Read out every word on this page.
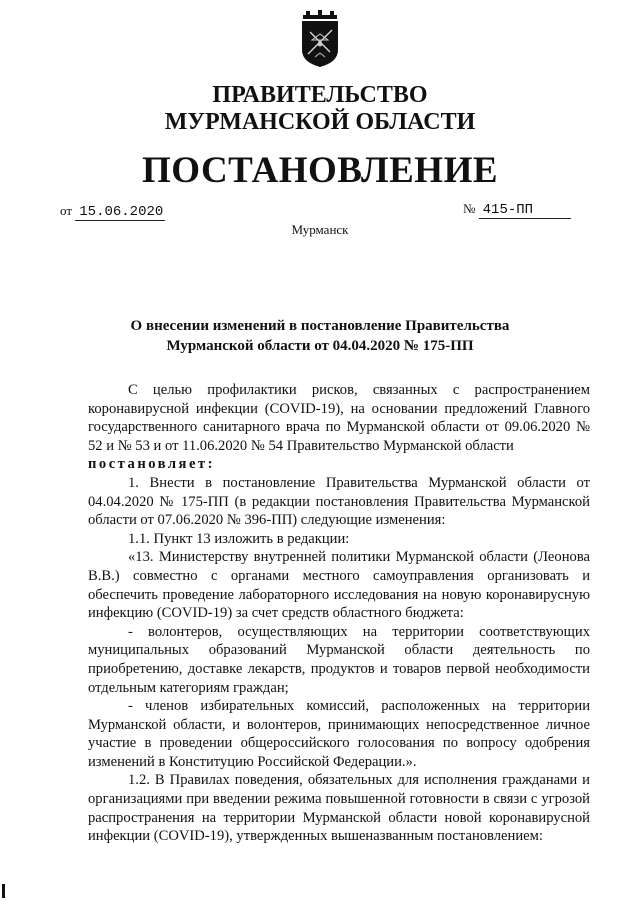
ПРАВИТЕЛЬСТВО
МУРМАНСКОЙ ОБЛАСТИ
ПОСТАНОВЛЕНИЕ
от 15.06.2020	№ 415-ПП
Мурманск
О внесении изменений в постановление Правительства
Мурманской области от 04.04.2020 № 175-ПП

С целью профилактики рисков, связанных с распространением коронавирусной инфекции (COVID-19), на основании предложений Главного государственного санитарного врача по Мурманской области от 09.06.2020 № 52 и № 53 и от 11.06.2020 № 54 Правительство Мурманской области

постановляет:

1. Внести в постановление Правительства Мурманской области от 04.04.2020 № 175-ПП (в редакции постановления Правительства Мурманской области от 07.06.2020 № 396-ПП) следующие изменения:

1.1. Пункт 13 изложить в редакции:

«13. Министерству внутренней политики Мурманской области (Леонова В.В.) совместно с органами местного самоуправления организовать и обеспечить проведение лабораторного исследования на новую коронавирусную инфекцию (COVID-19) за счет средств областного бюджета:

- волонтеров, осуществляющих на территории соответствующих муниципальных образований Мурманской области деятельность по приобретению, доставке лекарств, продуктов и товаров первой необходимости отдельным категориям граждан;

- членов избирательных комиссий, расположенных на территории Мурманской области, и волонтеров, принимающих непосредственное личное участие в проведении общероссийского голосования по вопросу одобрения изменений в Конституцию Российской Федерации.».

1.2. В Правилах поведения, обязательных для исполнения гражданами и организациями при введении режима повышенной готовности в связи с угрозой распространения на территории Мурманской области новой коронавирусной инфекции (COVID-19), утвержденных вышеназванным постановлением:
